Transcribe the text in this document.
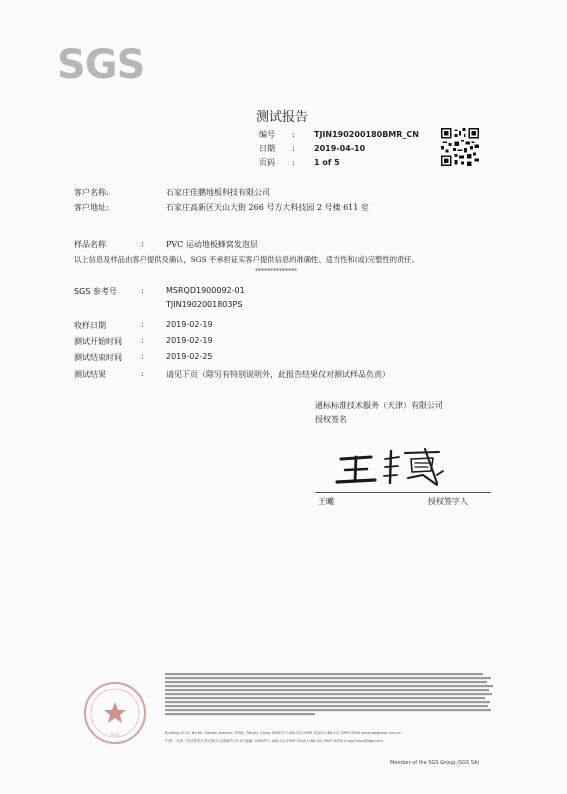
SGS
测试报告
编号	:	TJIN190200180BMR_CN
日期	:	2019-04-10
页码	:	1 of 5
客户名称:	石家庄佳鹏地板科技有限公司
客户地址:	石家庄高新区天山大街 266 号方大科技园 2 号楼 611 室
样品名称	:	PVC 运动地板蜂窝发泡层
以上信息及样品由客户提供及确认，SGS 不承担证实客户提供信息的准确性、适当性和(或)完整性的责任。
**************
SGS 参考号	:	MSRQD1900092-01
TJIN1902001803PS
收样日期	:	2019-02-19
测试开始时间 :	2019-02-19
测试结束时间 :	2019-02-25
测试结果	:	请见下页（除另有特别说明外，此报告结果仅对测试样品负责）
通标标准技术服务（天津）有限公司
授权签名
王曦	授权签字人
SGS	Building D-10, No.80, Haitian Avenue, TEDA, Tianjin, China 300457 t (86-22) 5999 5318 f (86-22) 5999 5330 www.sgsgroup.com.cn
中国 · 天津 · 经济技术开发区海天大道80号 D-10 邮编: 300457 t (86-22) 5999 5318 f (86-22) 5999 5330 e sgs.china@sgs.com
Member of the SGS Group (SGS SA)
